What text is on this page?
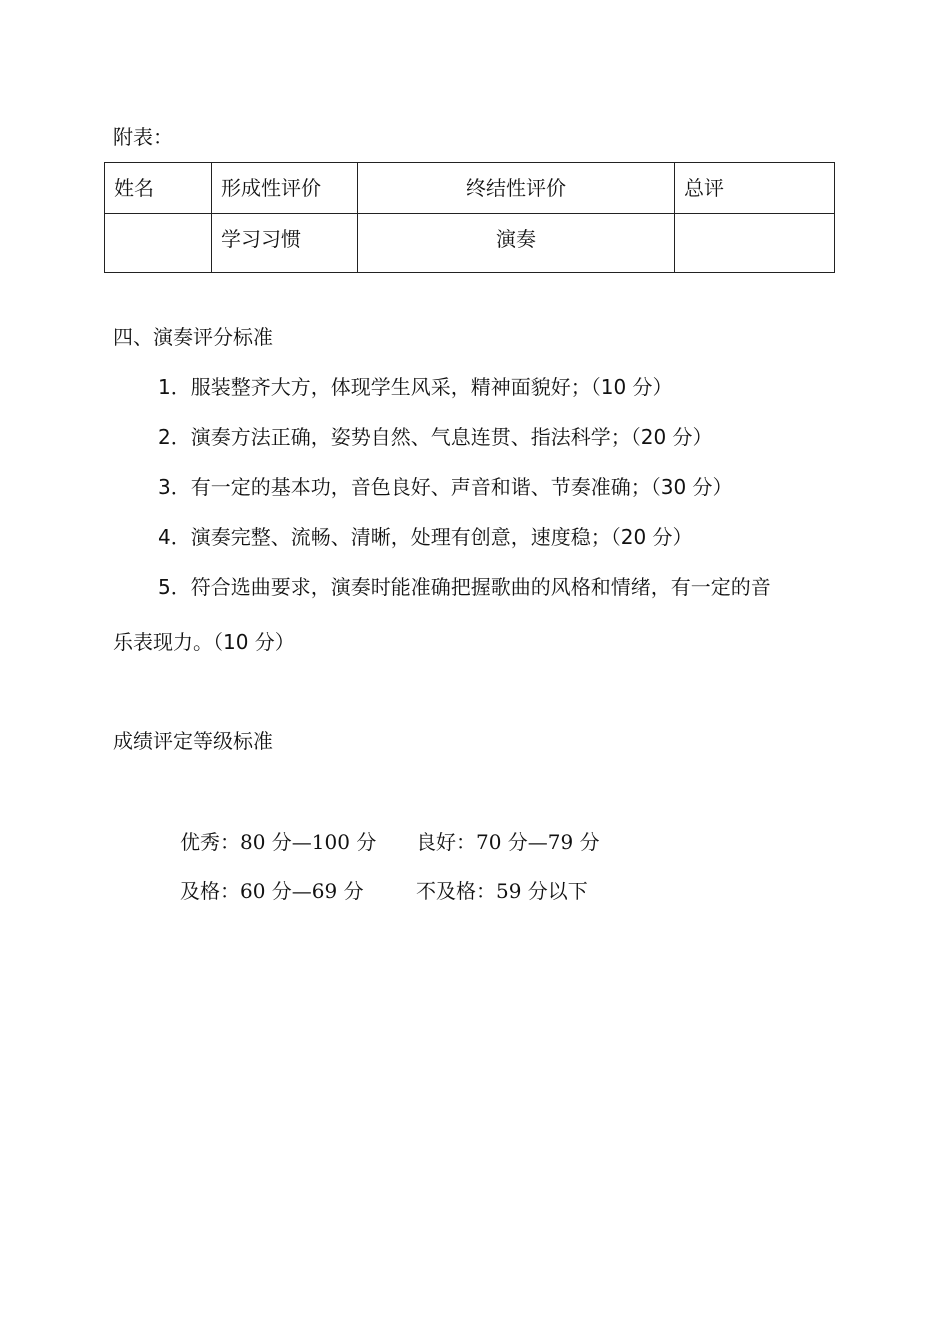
附表：
姓名	形成性评价	终结性评价	总评

	学习习惯	演奏	

四、演奏评分标准
1．服装整齐大方，体现学生风采，精神面貌好；（10 分）
2．演奏方法正确，姿势自然、气息连贯、指法科学；（20 分）
3．有一定的基本功，音色良好、声音和谐、节奏准确；（30 分）
4．演奏完整、流畅、清晰，处理有创意，速度稳；（20 分）
5．符合选曲要求，演奏时能准确把握歌曲的风格和情绪，有一定的音
乐表现力。（10 分）
成绩评定等级标准
优秀：80 分—100 分 良好：70 分—79 分
及格：60 分—69 分	不及格：59 分以下
